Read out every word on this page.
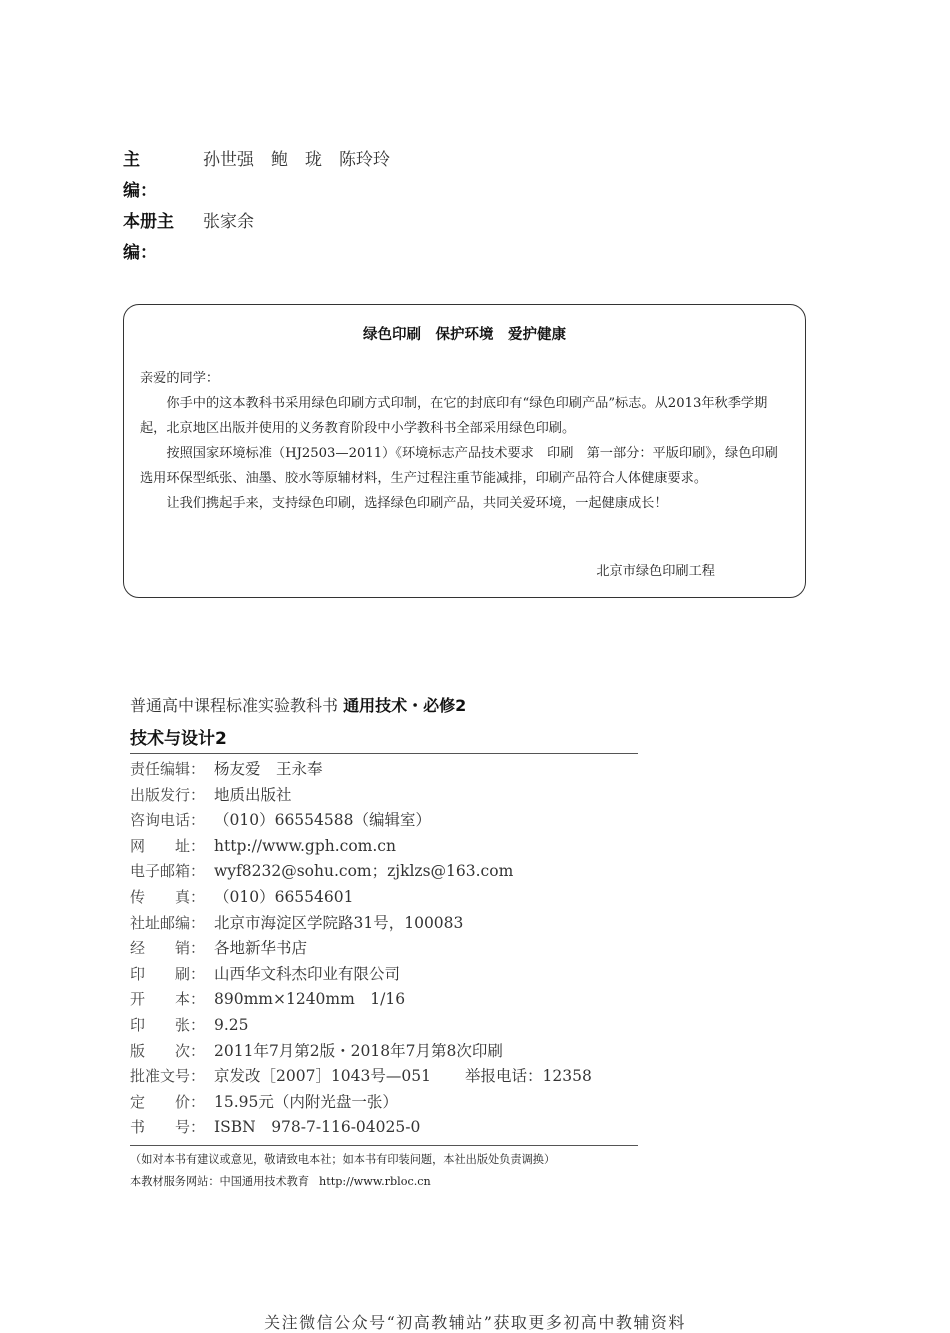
主　　编：
孙世强　鲍　珑　陈玲玲
本册主编：
张家余
绿色印刷　保护环境　爱护健康

亲爱的同学：

你手中的这本教科书采用绿色印刷方式印制，在它的封底印有“绿色印刷产品”标志。从2013年秋季学期起，北京地区出版并使用的义务教育阶段中小学教科书全部采用绿色印刷。

按照国家环境标准（HJ2503—2011）《环境标志产品技术要求　印刷　第一部分：平版印刷》，绿色印刷选用环保型纸张、油墨、胶水等原辅材料，生产过程注重节能减排，印刷产品符合人体健康要求。

让我们携起手来，支持绿色印刷，选择绿色印刷产品，共同关爱环境，一起健康成长！

北京市绿色印刷工程
普通高中课程标准实验教科书 通用技术・必修2
技术与设计2
责任编辑： 杨友爱　王永奉
出版发行： 地质出版社
咨询电话： （010）66554588（编辑室）
网　　址： http://www.gph.com.cn
电子邮箱： wyf8232@sohu.com；zjklzs@163.com
传　　真： （010）66554601
社址邮编： 北京市海淀区学院路31号，100083
经　　销： 各地新华书店
印　　刷： 山西华文科杰印业有限公司
开　　本： 890mm×1240mm　1/16
印　　张： 9.25
版　　次： 2011年7月第2版・2018年7月第8次印刷
批准文号： 京发改［2007］1043号—051 举报电话：12358
定　　价： 15.95元（内附光盘一张）
书　　号： ISBN　978-7-116-04025-0
（如对本书有建议或意见，敬请致电本社；如本书有印装问题，本社出版处负责调换）
本教材服务网站：中国通用技术教育 http://www.rbloc.cn
关注微信公众号“初高教辅站”获取更多初高中教辅资料
